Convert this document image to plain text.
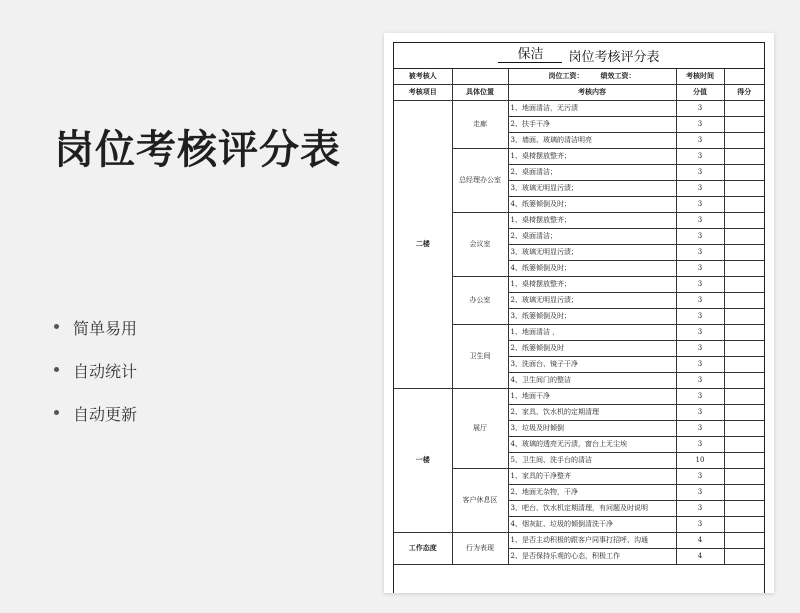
岗位考核评分表
简单易用
自动统计
自动更新
保洁	岗位考核评分表
被考核人		岗位工资： 绩效工资：	考核时间	
考核项目	具体位置	考核内容	分值	得分
二楼	走廊	1、地面清洁，无污渍	3	
		2、扶手干净	3	
		3、墙面、玻璃的清洁明亮	3	
	总经理办公室	1、桌椅摆放整齐；	3	
		2、桌面清洁；	3	
		3、玻璃无明显污渍；	3	
		4、纸篓倾倒及时；	3	
	会议室	1、桌椅摆放整齐；	3	
		2、桌面清洁；	3	
		3、玻璃无明显污渍；	3	
		4、纸篓倾倒及时；	3	
	办公室	1、桌椅摆放整齐；	3	
		2、玻璃无明显污渍；	3	
		3、纸篓倾倒及时；	3	
	卫生间	1、地面清洁 ，	3	
		2、纸篓倾倒及时	3	
		3、洗面台、镜子干净	3	
		4、卫生间门的整洁	3	
一楼	展厅	1、地面干净	3	
		2、家具、饮水机的定期清理	3	
		3、垃圾及时倾倒	3	
		4、玻璃的透亮无污渍，窗台上无尘埃	3	
		5、卫生间、洗手台的清洁	10	
	客户休息区	1、家具的干净整齐	3	
		2、地面无杂物，干净	3	
		3、吧台、饮水机定期清理，有问题及时说明	3	
		4、烟灰缸、垃圾的倾倒清洗干净	3	
工作态度	行为表现	1、是否主动积极的跟客户同事打招呼、沟通	4	
		2、是否保持乐观的心态，积极工作	4	
